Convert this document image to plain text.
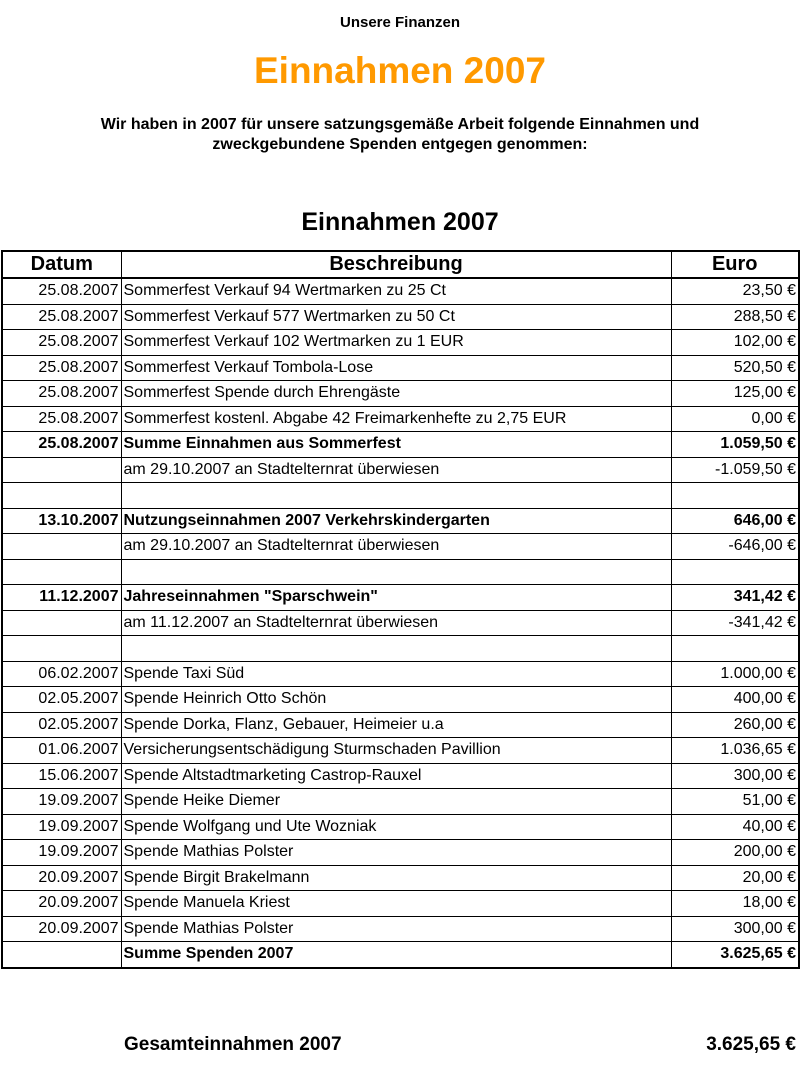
Unsere Finanzen
Einnahmen 2007
Wir haben in 2007 für unsere satzungsgemäße Arbeit folgende Einnahmen und
zweckgebundene Spenden entgegen genommen:
Einnahmen 2007
Datum	Beschreibung	Euro
25.08.2007	Sommerfest Verkauf 94 Wertmarken zu 25 Ct	23,50 €
25.08.2007	Sommerfest Verkauf 577 Wertmarken zu 50 Ct	288,50 €
25.08.2007	Sommerfest Verkauf 102 Wertmarken zu 1 EUR	102,00 €
25.08.2007	Sommerfest Verkauf Tombola-Lose	520,50 €
25.08.2007	Sommerfest Spende durch Ehrengäste	125,00 €
25.08.2007	Sommerfest kostenl. Abgabe 42 Freimarkenhefte zu 2,75 EUR	0,00 €
25.08.2007	Summe Einnahmen aus Sommerfest	1.059,50 €
	am 29.10.2007 an Stadtelternrat überwiesen	-1.059,50 €

13.10.2007	Nutzungseinnahmen 2007 Verkehrskindergarten	646,00 €
	am 29.10.2007 an Stadtelternrat überwiesen	-646,00 €

11.12.2007	Jahreseinnahmen "Sparschwein"	341,42 €
	am 11.12.2007 an Stadtelternrat überwiesen	-341,42 €

06.02.2007	Spende Taxi Süd	1.000,00 €
02.05.2007	Spende Heinrich Otto Schön	400,00 €
02.05.2007	Spende Dorka, Flanz, Gebauer, Heimeier u.a	260,00 €
01.06.2007	Versicherungsentschädigung Sturmschaden Pavillion	1.036,65 €
15.06.2007	Spende Altstadtmarketing Castrop-Rauxel	300,00 €
19.09.2007	Spende Heike Diemer	51,00 €
19.09.2007	Spende Wolfgang und Ute Wozniak	40,00 €
19.09.2007	Spende Mathias Polster	200,00 €
20.09.2007	Spende Birgit Brakelmann	20,00 €
20.09.2007	Spende Manuela Kriest	18,00 €
20.09.2007	Spende Mathias Polster	300,00 €
	Summe Spenden 2007	3.625,65 €
Gesamteinnahmen 2007	3.625,65 €
